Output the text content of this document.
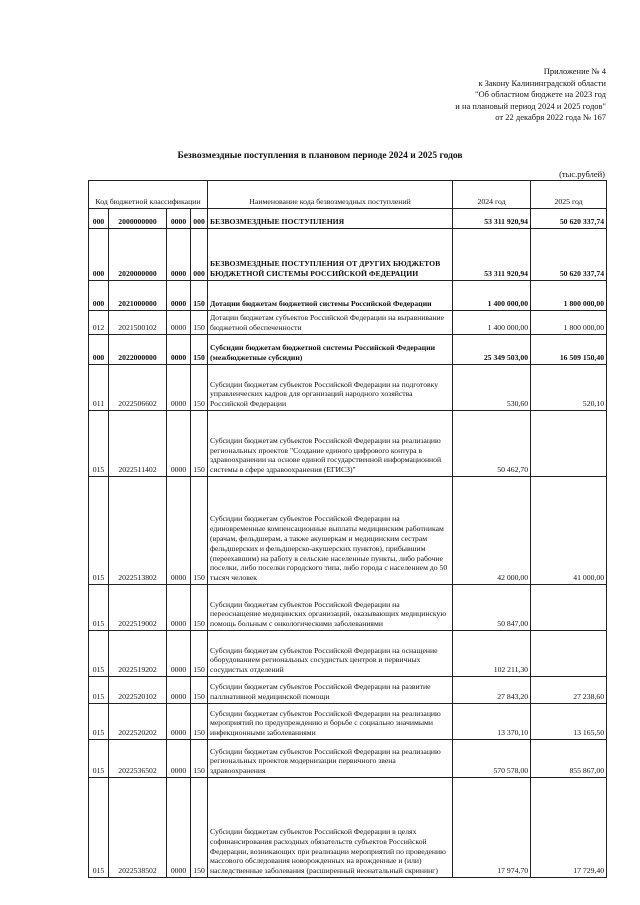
Приложение № 4
к Закону Калининградской области
"Об областном бюджете на 2023 год
и на плановый период 2024 и 2025 годов"
от 22 декабря 2022 года № 167
Безвозмездные поступления в плановом периоде 2024 и 2025 годов
(тыс.рублей)
Код бюджетной классификации				Наименование кода безвозмездных поступлений	2024 год	2025 год
000	2000000000	0000	000	БЕЗВОЗМЕЗДНЫЕ ПОСТУПЛЕНИЯ	53 311 920,94	50 620 337,74
000	2020000000	0000	000	БЕЗВОЗМЕЗДНЫЕ ПОСТУПЛЕНИЯ ОТ ДРУГИХ БЮДЖЕТОВ БЮДЖЕТНОЙ СИСТЕМЫ РОССИЙСКОЙ ФЕДЕРАЦИИ	53 311 920,94	50 620 337,74
000	2021000000	0000	150	Дотации бюджетам бюджетной системы Российской Федерации	1 400 000,00	1 800 000,00
012	2021500102	0000	150	Дотации бюджетам субъектов Российской Федерации на выравнивание бюджетной обеспеченности	1 400 000,00	1 800 000,00
000	2022000000	0000	150	Субсидии бюджетам бюджетной системы Российской Федерации (межбюджетные субсидии)	25 349 503,00	16 509 150,40
011	2022506602	0000	150	Субсидии бюджетам субъектов Российской Федерации на подготовку управленческих кадров для организаций народного хозяйства Российской Федерации	530,60	520,10
015	2022511402	0000	150	Субсидии бюджетам субъектов Российской Федерации на реализацию региональных проектов "Создание единого цифрового контура в здравоохранении на основе единой государственной информационной системы в сфере здравоохранения (ЕГИСЗ)"	50 462,70	
015	2022513802	0000	150	Субсидии бюджетам субъектов Российской Федерации на единовременные компенсационные выплаты медицинским работникам (врачам, фельдшерам, а также акушеркам и медицинским сестрам фельдшерских и фельдшерско-акушерских пунктов), прибывшим (переехавшим) на работу в сельские населенные пункты, либо рабочие поселки, либо поселки городского типа, либо города с населением до 50 тысяч человек	42 000,00	41 000,00
015	2022519002	0000	150	Субсидии бюджетам субъектов Российской Федерации на переоснащение медицинских организаций, оказывающих медицинскую помощь больным с онкологическими заболеваниями	50 847,00	
015	2022519202	0000	150	Субсидии бюджетам субъектов Российской Федерации на оснащение оборудованием региональных сосудистых центров и первичных сосудистых отделений	102 211,30	
015	2022520102	0000	150	Субсидии бюджетам субъектов Российской Федерации на развитие паллиативной медицинской помощи	27 843,20	27 238,60
015	2022520202	0000	150	Субсидии бюджетам субъектов Российской Федерации на реализацию мероприятий по предупреждению и борьбе с социально значимыми инфекционными заболеваниями	13 370,10	13 165,50
015	2022536502	0000	150	Субсидии бюджетам субъектов Российской Федерации на реализацию региональных проектов модернизации первичного звена здравоохранения	570 578,00	855 867,00
015	2022538502	0000	150	Субсидии бюджетам субъектов Российской Федерации в целях софинансирования расходных обязательств субъектов Российской Федерации, возникающих при реализации мероприятий по проведению массового обследования новорожденных на врожденные и (или) наследственные заболевания (расширенный неонатальный скрининг)	17 974,70	17 729,40
